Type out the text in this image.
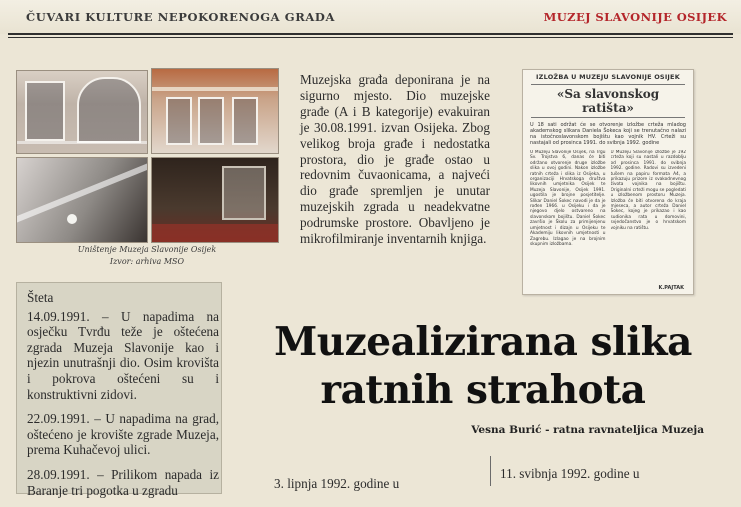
ČUVARI KULTURE NEPOKORENOGA GRADA	MUZEJ SLAVONIJE OSIJEK
Uništenje Muzeja Slavonije Osijek
Izvor: arhiva MSO

Muzejska građa deponirana je na sigurno mjesto. Dio muzejske građe (A i B kategorije) evakuiran je 30.08.1991. izvan Osijeka. Zbog velikog broja građe i nedostatka prostora, dio je građe ostao u redovnim čuvaonicama, a najveći dio građe spremljen je unutar muzejskih zgrada u neadekvatne podrumske prostore. Obavljeno je mikrofilmiranje inventarnih knjiga.

IZLOŽBA U MUZEJU SLAVONIJE OSIJEK
«Sa slavonskog ratišta»
U 18 sati održat će se otvorenje izložbe crteža mladog akademskog slikara Daniela Šokeca koji se trenutačno nalazi na istočnoslavonskom bojištu kao vojnik HV. Crteži su nastajali od prosinca 1991. do svibnja 1992. godine
U Muzeju Slavonije Osijek, na Trgu Sv. Trojstva 6, danas će biti održano otvorenje druge izložbe slika u ovoj godini. Nakon izložbe ratnih crteža i slika iz Osijeka, u organizaciji Hrvatskoga društva likovnih umjetnika Osijek te Muzeja Slavonije, Osijek 1991. ugostila je brojne posjetitelje. Slikar Daniel Šokec navodi je da je rođen 1966. u Osijeku i da je njegovo djelo ostvareno na slavonskom bojištu. Daniel Šokec završio je Školu za primijenjenu umjetnost i dizajn u Osijeku te Akademiju likovnih umjetnosti u Zagrebu. Izlagao je na brojnim skupnim izložbama.
U Muzeju Slavonije izložbe je 192 crteža koji su nastali u razdoblju od prosinca 1991. do svibnja 1992. godine. Radovi su izvedeni tušem na papiru formata A4, a prikazuju prizore iz svakodnevnog života vojnika na bojištu. Originalni crteži mogu se pogledati u izložbenom prostoru Muzeja. Izložba će biti otvorena do kraja mjeseca, a autor crteža Daniel Šokec, kojeg je prikazao i kao sudionika rata u domovini, svjedočanstvo je o hrvatskom vojniku na ratištu.
K.PAJTAK

Šteta

14.09.1991. – U napadima na osječku Tvrđu teže je oštećena zgrada Muzeja Slavonije kao i njezin unutrašnji dio. Osim krovišta i pokrova oštećeni su i konstruktivni zidovi.

22.09.1991. – U napadima na grad, oštećeno je krovište zgrade Muzeja, prema Kuhačevoj ulici.

28.09.1991. – Prilikom napada iz Baranje tri pogotka u zgradu

Muzealizirana slika
ratnih strahota
Vesna Burić - ratna ravnateljica Muzeja
3. lipnja 1992. godine u
11. svibnja 1992. godine u
